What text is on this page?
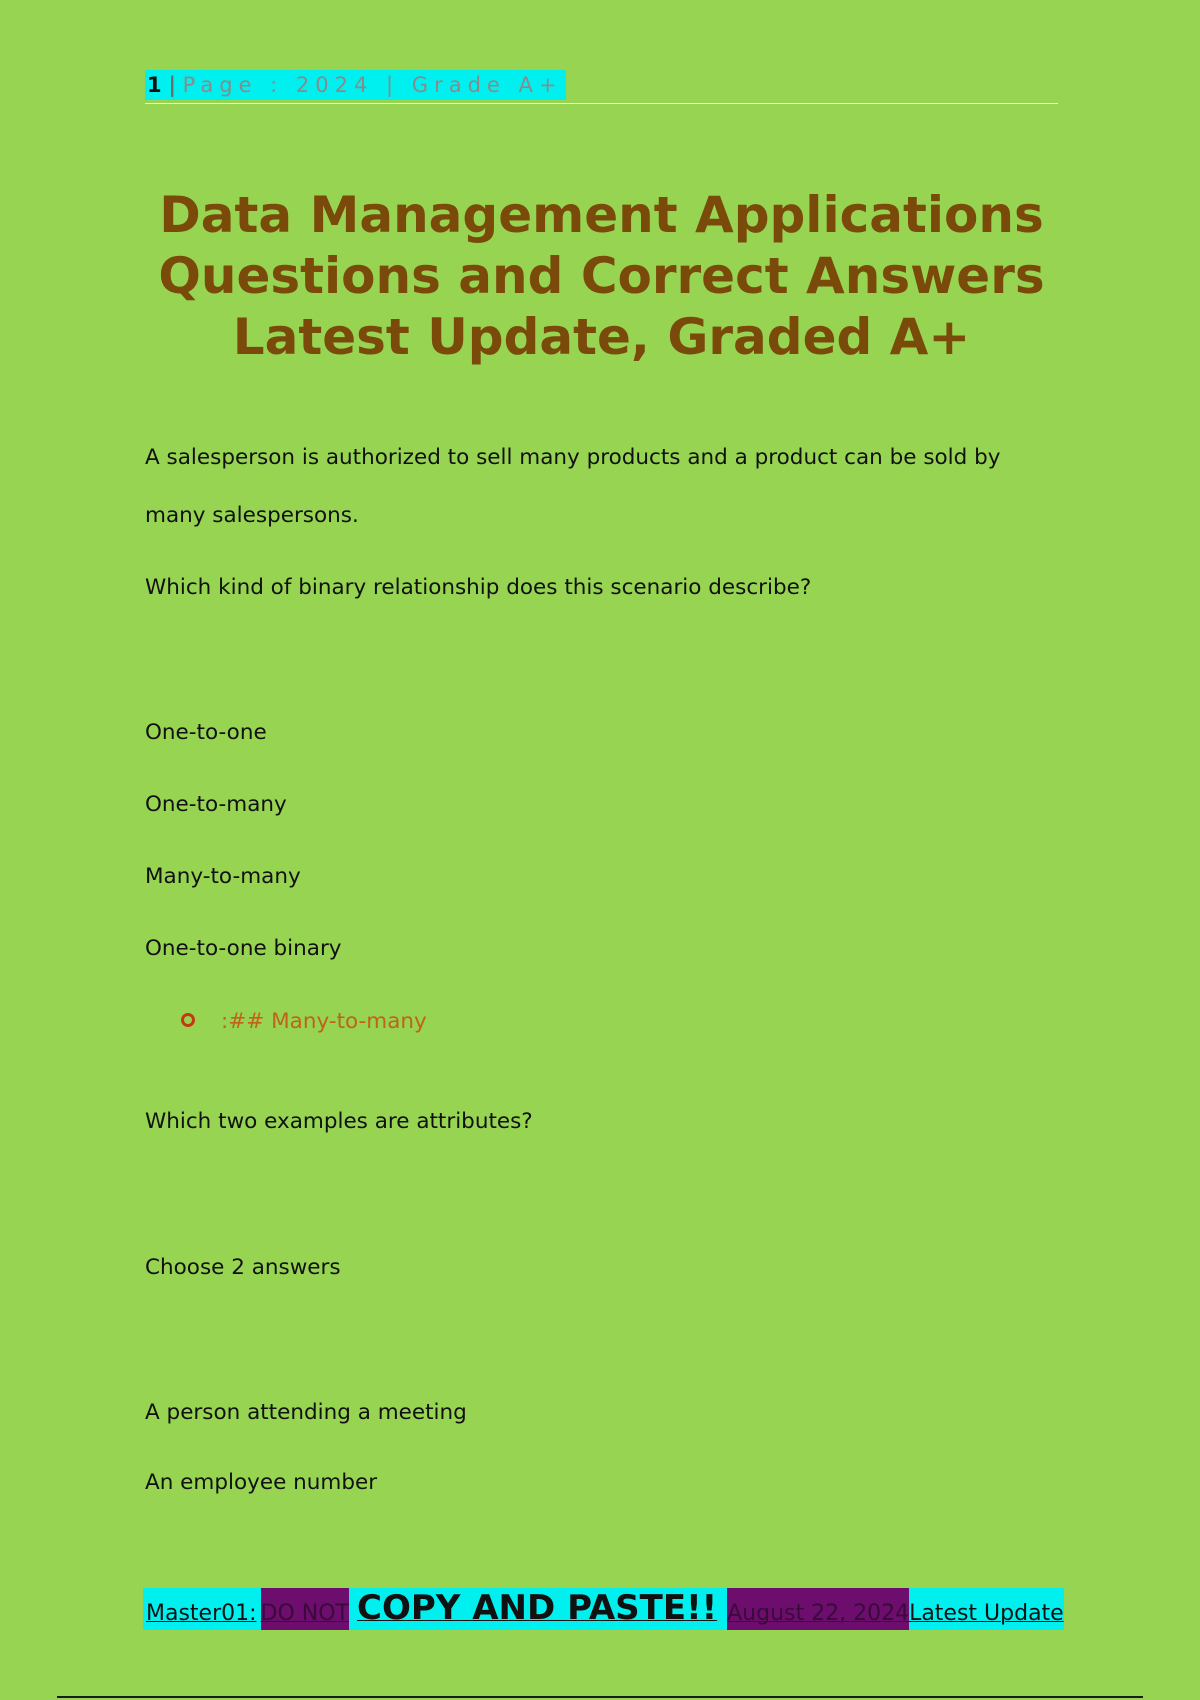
1 | Page : 2024 | Grade A+
Data Management Applications
Questions and Correct Answers
Latest Update, Graded A+
A salesperson is authorized to sell many products and a product can be sold by
many salespersons.
Which kind of binary relationship does this scenario describe?
One-to-one
One-to-many
Many-to-many
One-to-one binary
:## Many-to-many
Which two examples are attributes?
Choose 2 answers
A person attending a meeting
An employee number
Master01: DO NOT COPY AND PASTE!! August 22, 2024 Latest Update
